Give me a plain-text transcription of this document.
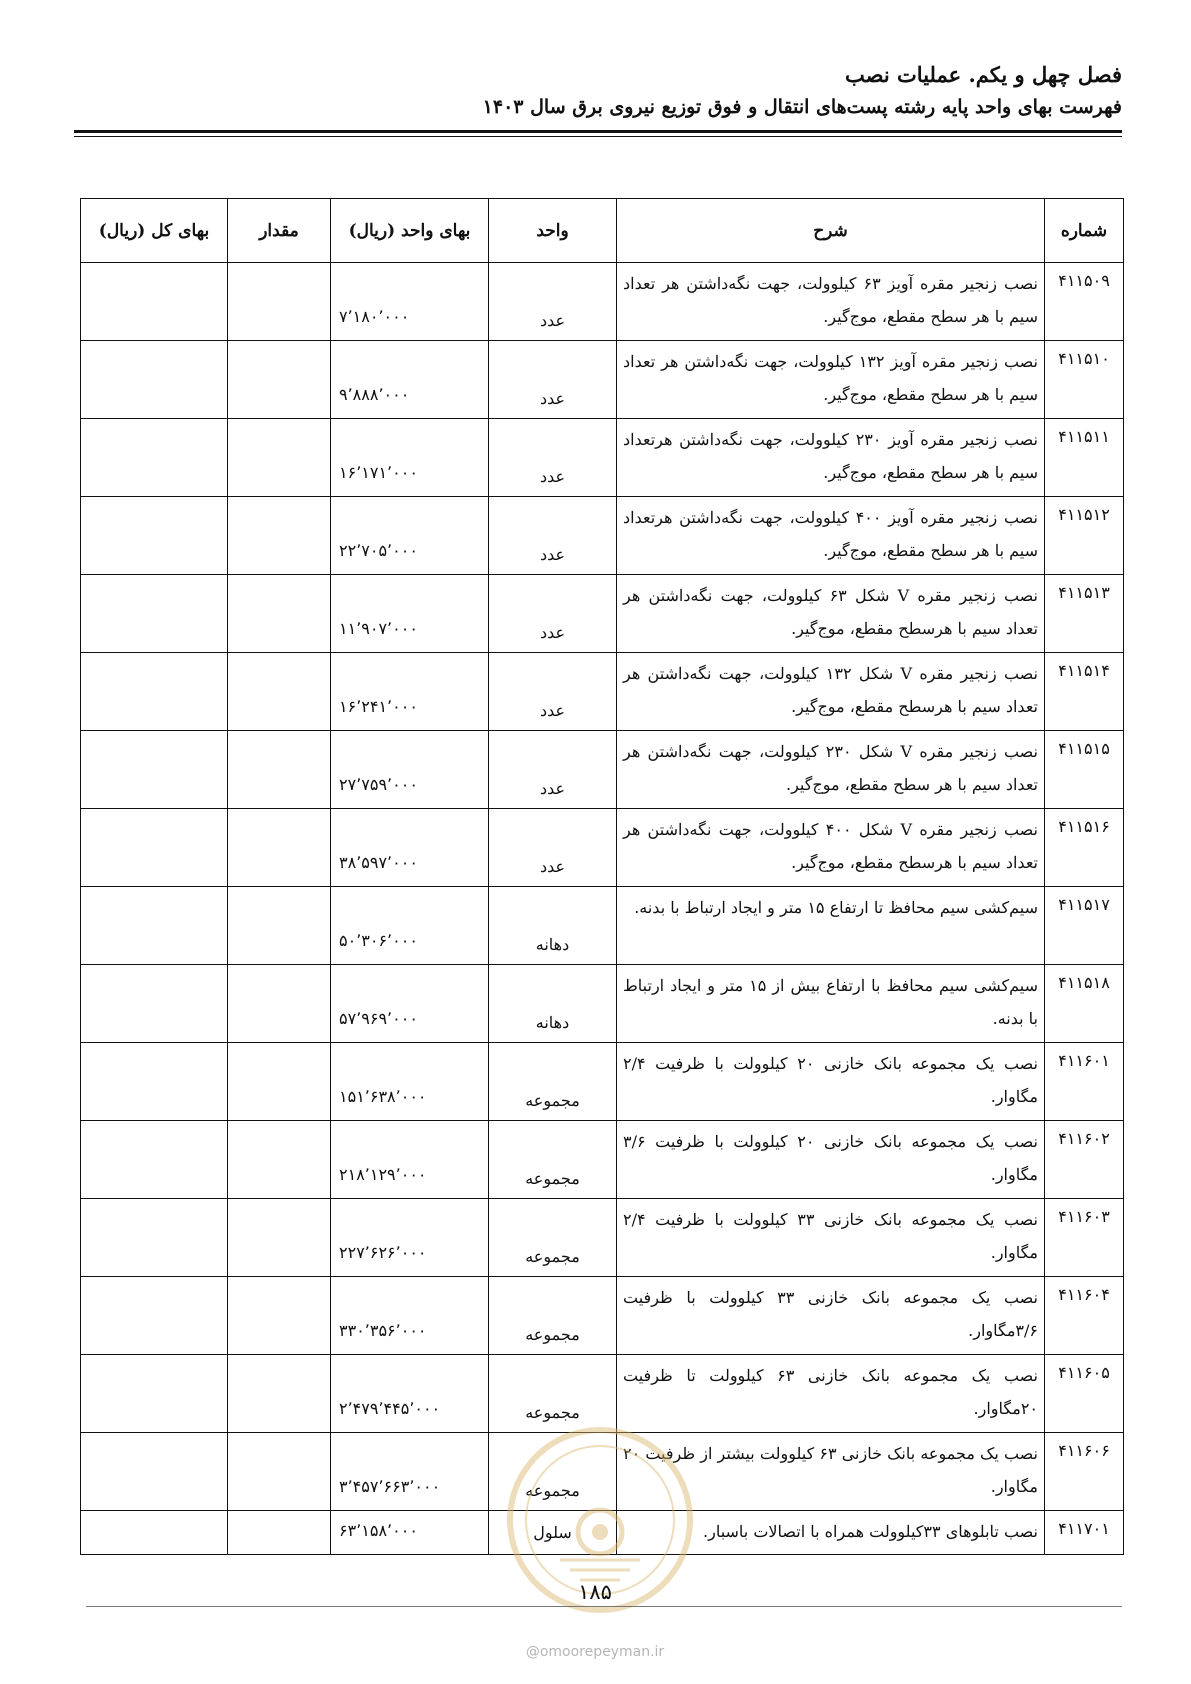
فصل چهل و یکم. عملیات نصب
فهرست بهای واحد پایه رشته پست‌های انتقال و فوق توزیع نیروی برق سال ۱۴۰۳
شماره	شرح	واحد	بهای واحد (ریال)	مقدار	بهای کل (ریال)
۴۱۱۵۰۹	نصب زنجیر مقره آویز ۶۳ کیلوولت، جهت نگه‌داشتن هر تعداد سیم با هر سطح مقطع، موج‌گیر.	عدد	۷٬۱۸۰٬۰۰۰		
۴۱۱۵۱۰	نصب زنجیر مقره آویز ۱۳۲ کیلوولت، جهت نگه‌داشتن هر تعداد سیم با هر سطح مقطع، موج‌گیر.	عدد	۹٬۸۸۸٬۰۰۰		
۴۱۱۵۱۱	نصب زنجیر مقره آویز ۲۳۰ کیلوولت، جهت نگه‌داشتن هرتعداد سیم با هر سطح مقطع، موج‌گیر.	عدد	۱۶٬۱۷۱٬۰۰۰		
۴۱۱۵۱۲	نصب زنجیر مقره آویز ۴۰۰ کیلوولت، جهت نگه‌داشتن هرتعداد سیم با هر سطح مقطع، موج‌گیر.	عدد	۲۲٬۷۰۵٬۰۰۰		
۴۱۱۵۱۳	نصب زنجیر مقره V شکل ۶۳ کیلوولت، جهت نگه‌داشتن هر تعداد سیم با هرسطح مقطع، موج‌گیر.	عدد	۱۱٬۹۰۷٬۰۰۰		
۴۱۱۵۱۴	نصب زنجیر مقره V شکل ۱۳۲ کیلوولت، جهت نگه‌داشتن هر تعداد سیم با هرسطح مقطع، موج‌گیر.	عدد	۱۶٬۲۴۱٬۰۰۰		
۴۱۱۵۱۵	نصب زنجیر مقره V شکل ۲۳۰ کیلوولت، جهت نگه‌داشتن هر تعداد سیم با هر سطح مقطع، موج‌گیر.	عدد	۲۷٬۷۵۹٬۰۰۰		
۴۱۱۵۱۶	نصب زنجیر مقره V شکل ۴۰۰ کیلوولت، جهت نگه‌داشتن هر تعداد سیم با هرسطح مقطع، موج‌گیر.	عدد	۳۸٬۵۹۷٬۰۰۰		
۴۱۱۵۱۷	سیم‌کشی سیم محافظ تا ارتفاع ۱۵ متر و ایجاد ارتباط با بدنه.	دهانه	۵۰٬۳۰۶٬۰۰۰		
۴۱۱۵۱۸	سیم‌کشی سیم محافظ با ارتفاع بیش از ۱۵ متر و ایجاد ارتباط با بدنه.	دهانه	۵۷٬۹۶۹٬۰۰۰		
۴۱۱۶۰۱	نصب یک مجموعه بانک خازنی ۲۰ کیلوولت با ظرفیت ۲/۴ مگاوار.	مجموعه	۱۵۱٬۶۳۸٬۰۰۰		
۴۱۱۶۰۲	نصب یک مجموعه بانک خازنی ۲۰ کیلوولت با ظرفیت ۳/۶ مگاوار.	مجموعه	۲۱۸٬۱۲۹٬۰۰۰		
۴۱۱۶۰۳	نصب یک مجموعه بانک خازنی ۳۳ کیلوولت با ظرفیت ۲/۴ مگاوار.	مجموعه	۲۲۷٬۶۲۶٬۰۰۰		
۴۱۱۶۰۴	نصب یک مجموعه بانک خازنی ۳۳ کیلوولت با ظرفیت ۳/۶مگاوار.	مجموعه	۳۳۰٬۳۵۶٬۰۰۰		
۴۱۱۶۰۵	نصب یک مجموعه بانک خازنی ۶۳ کیلوولت تا ظرفیت ۲۰مگاوار.	مجموعه	۲٬۴۷۹٬۴۴۵٬۰۰۰		
۴۱۱۶۰۶	نصب یک مجموعه بانک خازنی ۶۳ کیلوولت بیشتر از ظرفیت ۲۰ مگاوار.	مجموعه	۳٬۴۵۷٬۶۶۳٬۰۰۰		
۴۱۱۷۰۱	نصب تابلوهای ۳۳کیلوولت همراه با اتصالات باسبار.	سلول	۶۳٬۱۵۸٬۰۰۰		
۱۸۵
@omoorepeyman.ir
